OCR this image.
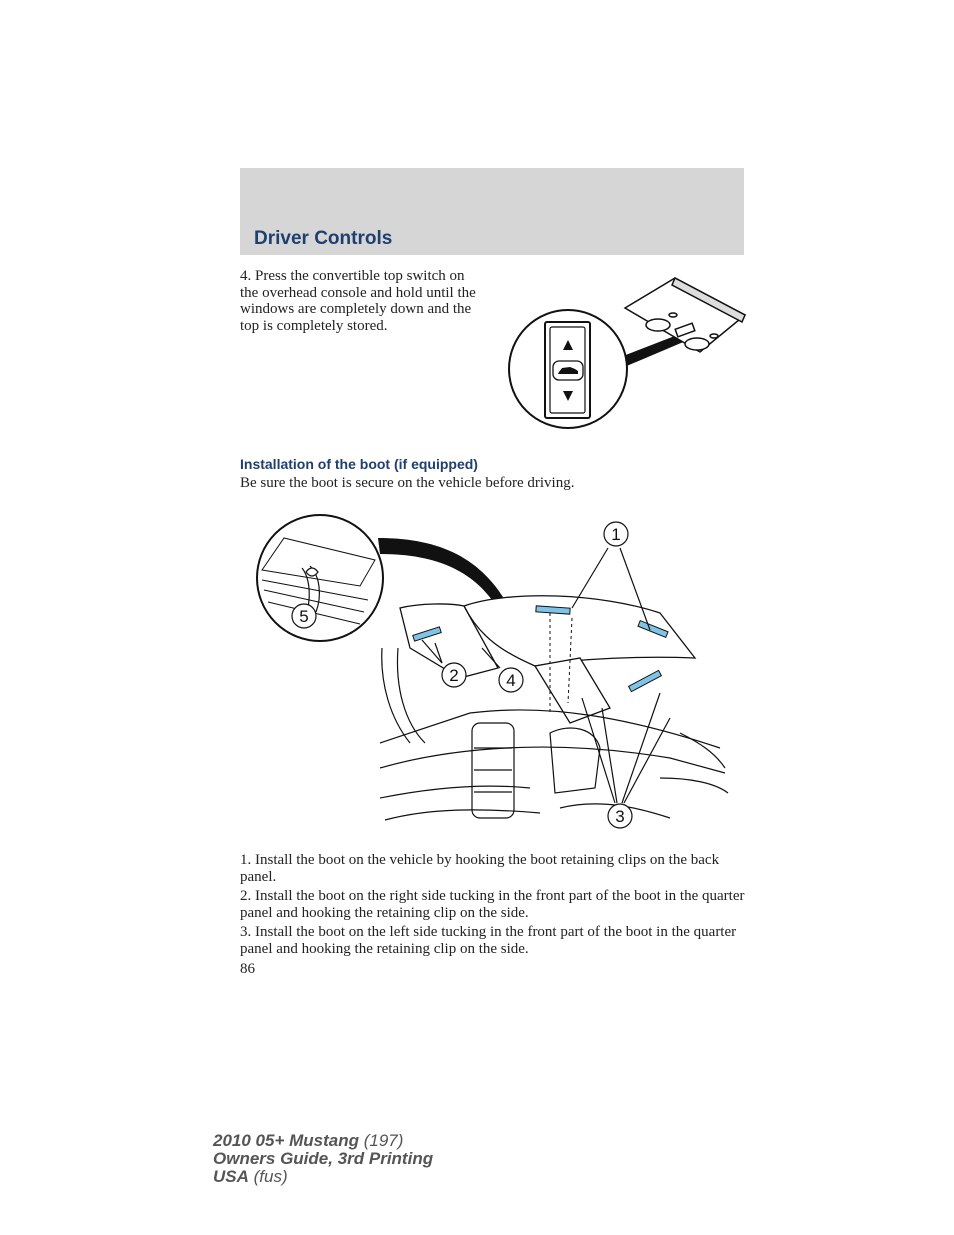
Driver Controls
4. Press the convertible top switch on the overhead console and hold until the windows are completely down and the top is completely stored.
Installation of the boot (if equipped)
Be sure the boot is secure on the vehicle before driving.
1
2
3
4
5

1. Install the boot on the vehicle by hooking the boot retaining clips on the back panel.

2. Install the boot on the right side tucking in the front part of the boot in the quarter panel and hooking the retaining clip on the side.

3. Install the boot on the left side tucking in the front part of the boot in the quarter panel and hooking the retaining clip on the side.

86
2010 05+ Mustang (197)
Owners Guide, 3rd Printing
USA (fus)
